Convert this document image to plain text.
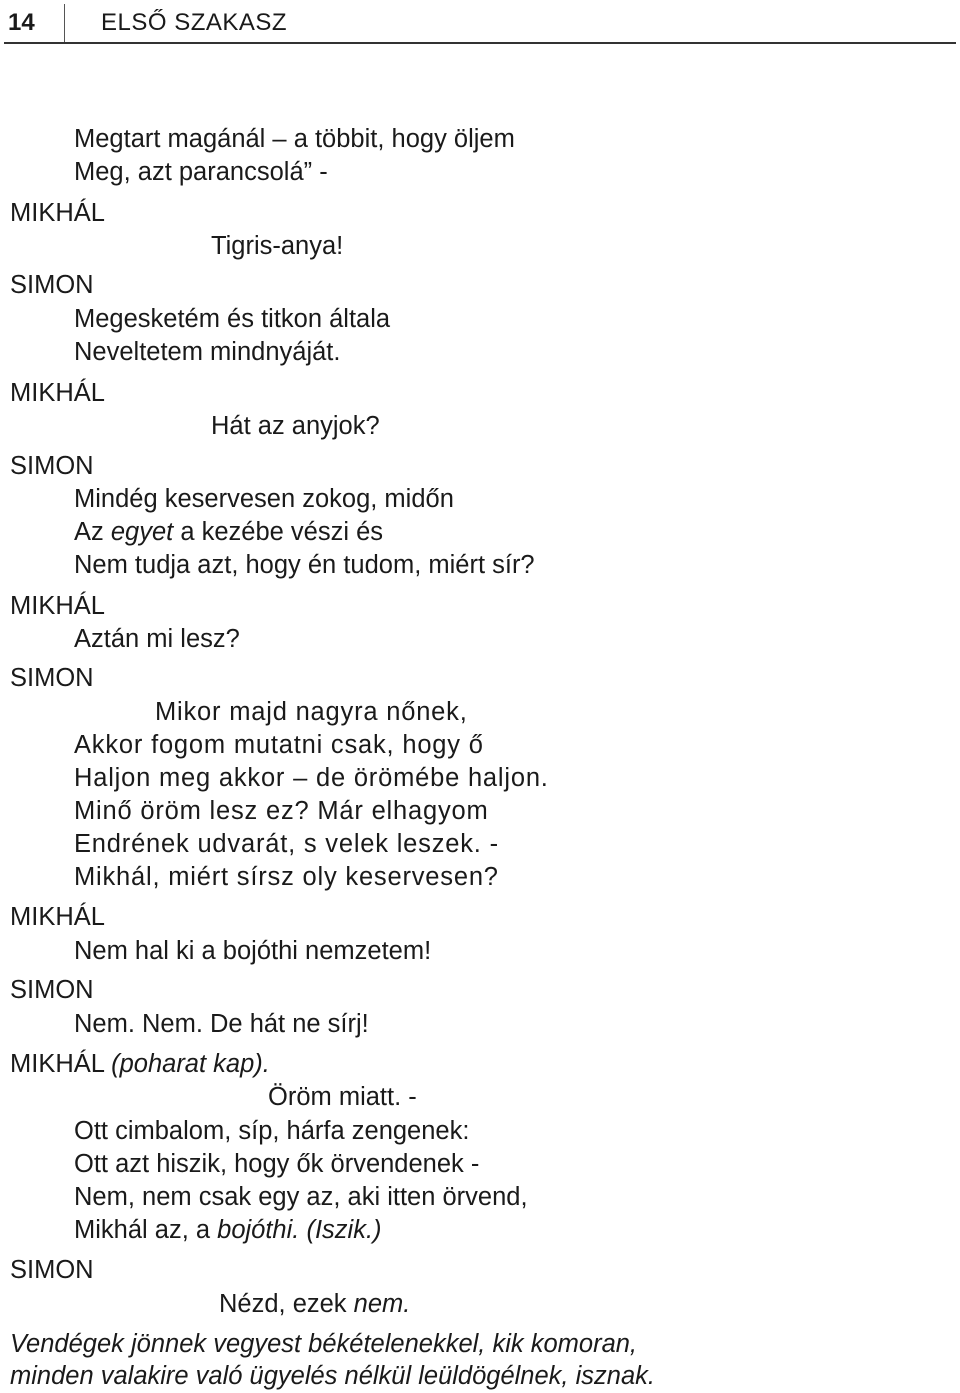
14	ELSŐ SZAKASZ
Megtart magánál – a többit, hogy öljem
Meg, azt parancsolá” -
MIKHÁL
Tigris-anya!
SIMON
Megesketém és titkon általa
Neveltetem mindnyáját.
MIKHÁL
Hát az anyjok?
SIMON
Mindég keservesen zokog, midőn
Az egyet a kezébe vészi és
Nem tudja azt, hogy én tudom, miért sír?
MIKHÁL
Aztán mi lesz?
SIMON
Mikor majd nagyra nőnek,
Akkor fogom mutatni csak, hogy ő
Haljon meg akkor – de örömébe haljon.
Minő öröm lesz ez? Már elhagyom
Endrének udvarát, s velek leszek. -
Mikhál, miért sírsz oly keservesen?
MIKHÁL
Nem hal ki a bojóthi nemzetem!
SIMON
Nem. Nem. De hát ne sírj!
MIKHÁL (poharat kap).
Öröm miatt. -
Ott cimbalom, síp, hárfa zengenek:
Ott azt hiszik, hogy ők örvendenek -
Nem, nem csak egy az, aki itten örvend,
Mikhál az, a bojóthi. (Iszik.)
SIMON
Nézd, ezek nem.
Vendégek jönnek vegyest békételenekkel, kik komoran,
minden valakire való ügyelés nélkül leüldögélnek, isznak.
